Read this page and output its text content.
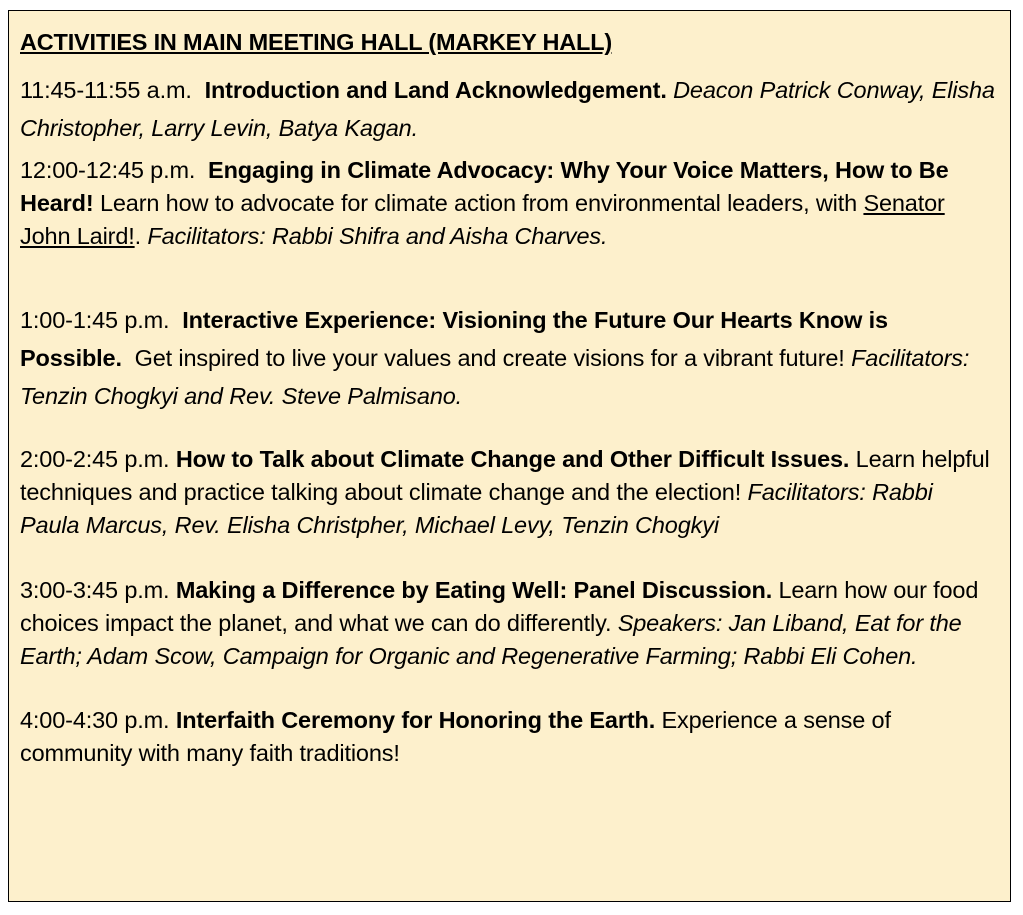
ACTIVITIES IN MAIN MEETING HALL (MARKEY HALL)

11:45-11:55 a.m. Introduction and Land Acknowledgement. Deacon Patrick Conway, Elisha Christopher, Larry Levin, Batya Kagan.

12:00-12:45 p.m. Engaging in Climate Advocacy: Why Your Voice Matters, How to Be Heard! Learn how to advocate for climate action from environmental leaders, with Senator John Laird!. Facilitators: Rabbi Shifra and Aisha Charves.

1:00-1:45 p.m. Interactive Experience: Visioning the Future Our Hearts Know is Possible. Get inspired to live your values and create visions for a vibrant future! Facilitators: Tenzin Chogkyi and Rev. Steve Palmisano.

2:00-2:45 p.m. How to Talk about Climate Change and Other Difficult Issues. Learn helpful techniques and practice talking about climate change and the election! Facilitators: Rabbi Paula Marcus, Rev. Elisha Christpher, Michael Levy, Tenzin Chogkyi

3:00-3:45 p.m. Making a Difference by Eating Well: Panel Discussion. Learn how our food choices impact the planet, and what we can do differently. Speakers: Jan Liband, Eat for the Earth; Adam Scow, Campaign for Organic and Regenerative Farming; Rabbi Eli Cohen.

4:00-4:30 p.m. Interfaith Ceremony for Honoring the Earth. Experience a sense of community with many faith traditions!
